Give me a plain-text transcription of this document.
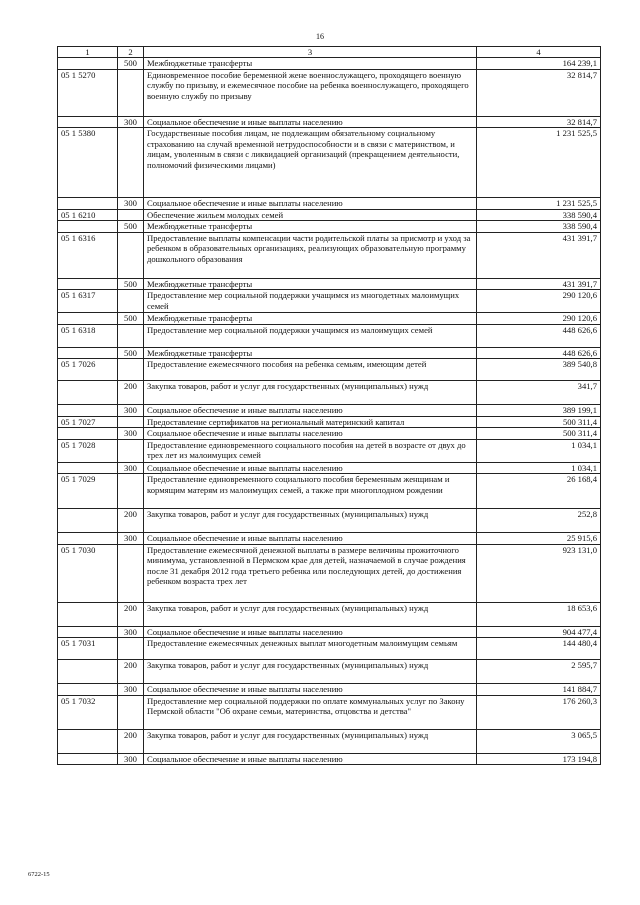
16
1	2	3	4
	500	Межбюджетные трансферты	164 239,1
05 1 5270		Единовременное пособие беременной жене военнослужащего, проходящего военную службу по призыву, и ежемесячное пособие на ребенка военнослужащего, проходящего военную службу по призыву	32 814,7
	300	Социальное обеспечение и иные выплаты населению	32 814,7
05 1 5380		Государственные пособия лицам, не подлежащим обязательному социальному страхованию на случай временной нетрудоспособности и в связи с материнством, и лицам, уволенным в связи с ликвидацией организаций (прекращением деятельности, полномочий физическими лицами)	1 231 525,5
	300	Социальное обеспечение и иные выплаты населению	1 231 525,5
05 1 6210		Обеспечение жильем молодых семей	338 590,4
	500	Межбюджетные трансферты	338 590,4
05 1 6316		Предоставление выплаты компенсации части родительской платы за присмотр и уход за ребенком в образовательных организациях, реализующих образовательную программу дошкольного образования	431 391,7
	500	Межбюджетные трансферты	431 391,7
05 1 6317		Предоставление мер социальной поддержки учащимся из многодетных малоимущих семей	290 120,6
	500	Межбюджетные трансферты	290 120,6
05 1 6318		Предоставление мер социальной поддержки учащимся из малоимущих семей	448 626,6
	500	Межбюджетные трансферты	448 626,6
05 1 7026		Предоставление ежемесячного пособия на ребенка семьям, имеющим детей	389 540,8
	200	Закупка товаров, работ и услуг для государственных (муниципальных) нужд	341,7
	300	Социальное обеспечение и иные выплаты населению	389 199,1
05 1 7027		Предоставление сертификатов на региональный материнский капитал	500 311,4
	300	Социальное обеспечение и иные выплаты населению	500 311,4
05 1 7028		Предоставление единовременного социального пособия на детей в возрасте от двух до трех лет из малоимущих семей	1 034,1
	300	Социальное обеспечение и иные выплаты населению	1 034,1
05 1 7029		Предоставление единовременного социального пособия беременным женщинам и кормящим матерям из малоимущих семей, а также при многоплодном рождении	26 168,4
	200	Закупка товаров, работ и услуг для государственных (муниципальных) нужд	252,8
	300	Социальное обеспечение и иные выплаты населению	25 915,6
05 1 7030		Предоставление ежемесячной денежной выплаты в размере величины прожиточного минимума, установленной в Пермском крае для детей, назначаемой в случае рождения после 31 декабря 2012 года третьего ребенка или последующих детей, до достижения ребенком возраста трех лет	923 131,0
	200	Закупка товаров, работ и услуг для государственных (муниципальных) нужд	18 653,6
	300	Социальное обеспечение и иные выплаты населению	904 477,4
05 1 7031		Предоставление ежемесячных денежных выплат многодетным малоимущим семьям	144 480,4
	200	Закупка товаров, работ и услуг для государственных (муниципальных) нужд	2 595,7
	300	Социальное обеспечение и иные выплаты населению	141 884,7
05 1 7032		Предоставление мер социальной поддержки по оплате коммунальных услуг по Закону Пермской области "Об охране семьи, материнства, отцовства и детства"	176 260,3
	200	Закупка товаров, работ и услуг для государственных (муниципальных) нужд	3 065,5
	300	Социальное обеспечение и иные выплаты населению	173 194,8
6722-15
